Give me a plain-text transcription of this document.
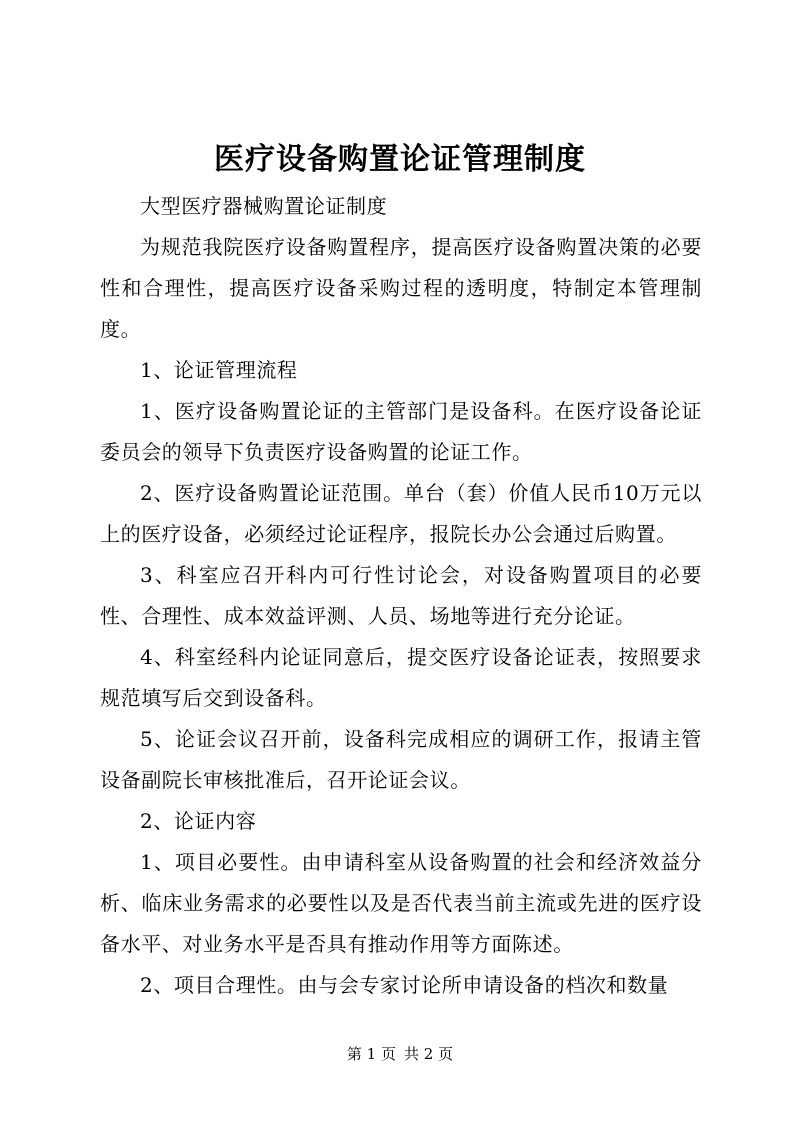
医疗设备购置论证管理制度

大型医疗器械购置论证制度

为规范我院医疗设备购置程序，提高医疗设备购置决策的必要性和合理性，提高医疗设备采购过程的透明度，特制定本管理制度。

1、论证管理流程

1、医疗设备购置论证的主管部门是设备科。在医疗设备论证委员会的领导下负责医疗设备购置的论证工作。

2、医疗设备购置论证范围。单台（套）价值人民币10万元以上的医疗设备，必须经过论证程序，报院长办公会通过后购置。

3、科室应召开科内可行性讨论会，对设备购置项目的必要性、合理性、成本效益评测、人员、场地等进行充分论证。

4、科室经科内论证同意后，提交医疗设备论证表，按照要求规范填写后交到设备科。

5、论证会议召开前，设备科完成相应的调研工作，报请主管设备副院长审核批准后，召开论证会议。

2、论证内容

1、项目必要性。由申请科室从设备购置的社会和经济效益分析、临床业务需求的必要性以及是否代表当前主流或先进的医疗设备水平、对业务水平是否具有推动作用等方面陈述。

2、项目合理性。由与会专家讨论所申请设备的档次和数量

第 1 页 共 2 页
